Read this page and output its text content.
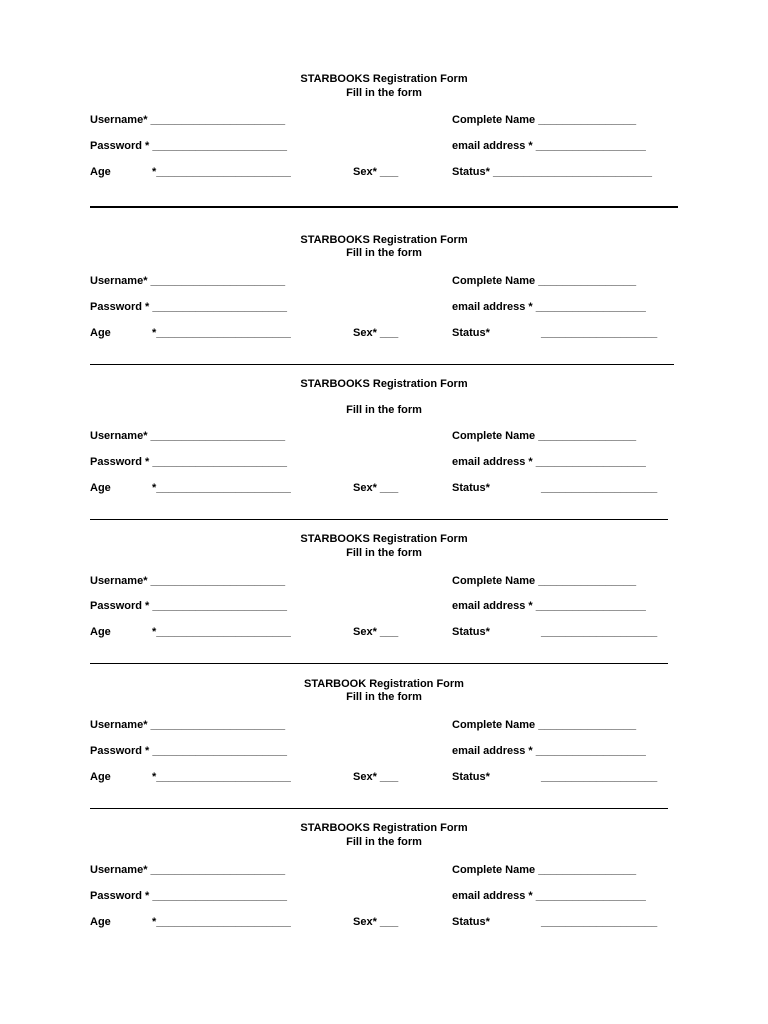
STARBOOKS Registration Form
Fill in the form
Username* ______________________
Password * ______________________
Age	*______________________	Sex* ___
Complete Name ________________
email address * __________________
Status* __________________________
STARBOOKS Registration Form
Fill in the form
Username* ______________________
Password * ______________________
Age	*______________________	Sex* ___
Complete Name ________________
email address * __________________
Status*	___________________
STARBOOKS Registration Form
Fill in the form
Username* ______________________
Password * ______________________
Age	*______________________	Sex* ___
Complete Name ________________
email address * __________________
Status*	___________________
STARBOOKS Registration Form
Fill in the form
Username* ______________________
Password * ______________________
Age	*______________________	Sex* ___
Complete Name ________________
email address * __________________
Status*	___________________
STARBOOK Registration Form
Fill in the form
Username* ______________________
Password * ______________________
Age	*______________________	Sex* ___
Complete Name ________________
email address * __________________
Status*	___________________
STARBOOKS Registration Form
Fill in the form
Username* ______________________
Password * ______________________
Age	*______________________	Sex* ___
Complete Name ________________
email address * __________________
Status*	___________________
